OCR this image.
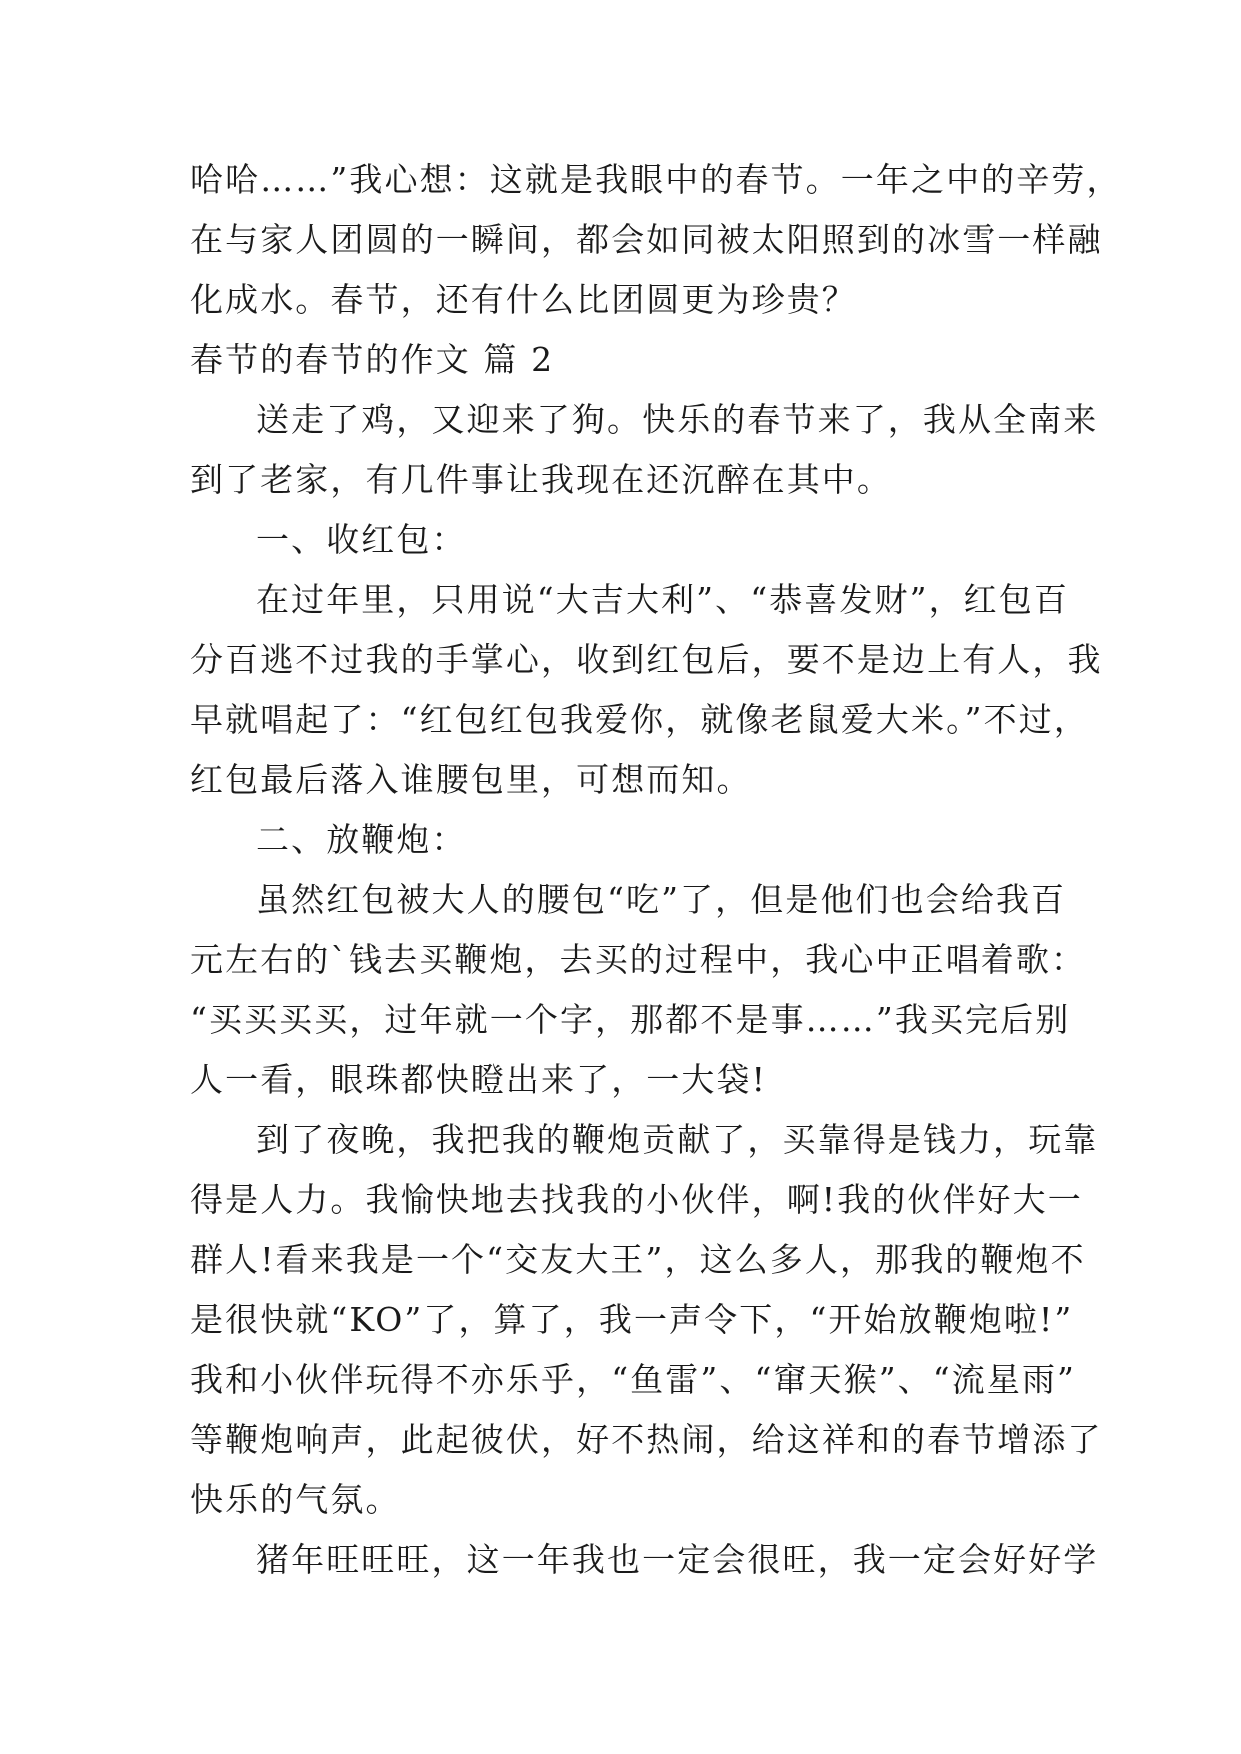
哈哈……”我心想：这就是我眼中的春节。一年之中的辛劳，
在与家人团圆的一瞬间，都会如同被太阳照到的冰雪一样融
化成水。春节，还有什么比团圆更为珍贵？
春节的春节的作文 篇 2
送走了鸡，又迎来了狗。快乐的春节来了，我从全南来
到了老家，有几件事让我现在还沉醉在其中。
一、收红包：
在过年里，只用说“大吉大利”、“恭喜发财”，红包百
分百逃不过我的手掌心，收到红包后，要不是边上有人，我
早就唱起了：“红包红包我爱你，就像老鼠爱大米。”不过，
红包最后落入谁腰包里，可想而知。
二、放鞭炮：
虽然红包被大人的腰包“吃”了，但是他们也会给我百
元左右的`钱去买鞭炮，去买的过程中，我心中正唱着歌：
“买买买买，过年就一个字，那都不是事……”我买完后别
人一看，眼珠都快瞪出来了，一大袋!
到了夜晚，我把我的鞭炮贡献了，买靠得是钱力，玩靠
得是人力。我愉快地去找我的小伙伴，啊!我的伙伴好大一
群人!看来我是一个“交友大王”，这么多人，那我的鞭炮不
是很快就“KO”了，算了，我一声令下，“开始放鞭炮啦!”
我和小伙伴玩得不亦乐乎，“鱼雷”、“窜天猴”、“流星雨”
等鞭炮响声，此起彼伏，好不热闹，给这祥和的春节增添了
快乐的气氛。
猪年旺旺旺，这一年我也一定会很旺，我一定会好好学
